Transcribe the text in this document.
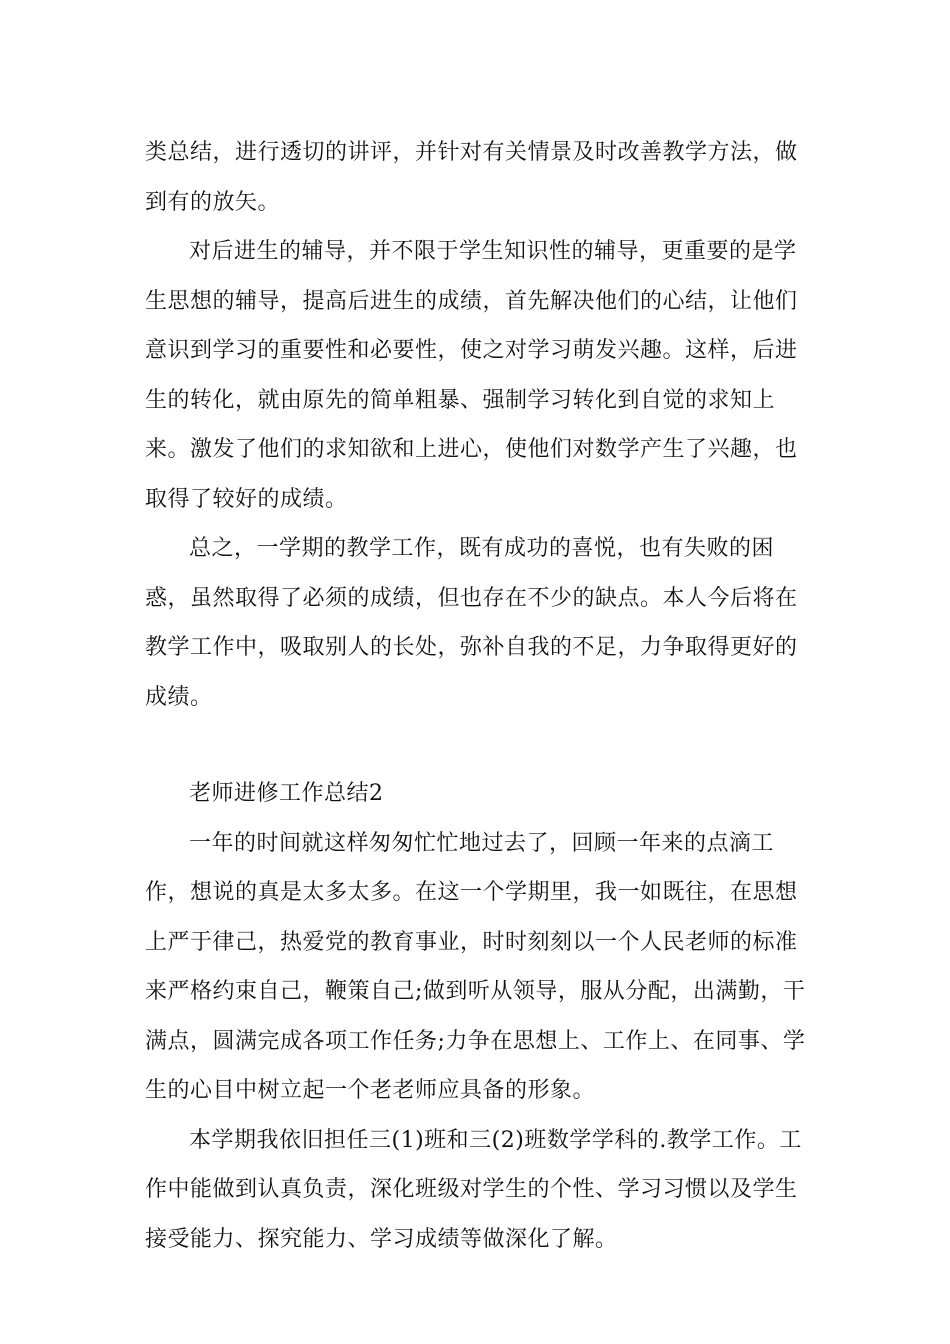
类总结，进行透切的讲评，并针对有关情景及时改善教学方法，做到有的放矢。

对后进生的辅导，并不限于学生知识性的辅导，更重要的是学生思想的辅导，提高后进生的成绩，首先解决他们的心结，让他们意识到学习的重要性和必要性，使之对学习萌发兴趣。这样，后进生的转化，就由原先的简单粗暴、强制学习转化到自觉的求知上来。激发了他们的求知欲和上进心，使他们对数学产生了兴趣，也取得了较好的成绩。

总之，一学期的教学工作，既有成功的喜悦，也有失败的困惑，虽然取得了必须的成绩，但也存在不少的缺点。本人今后将在教学工作中，吸取别人的长处，弥补自我的不足，力争取得更好的成绩。

老师进修工作总结2

一年的时间就这样匆匆忙忙地过去了，回顾一年来的点滴工作，想说的真是太多太多。在这一个学期里，我一如既往，在思想上严于律己，热爱党的教育事业，时时刻刻以一个人民老师的标准来严格约束自己，鞭策自己;做到听从领导，服从分配，出满勤，干满点，圆满完成各项工作任务;力争在思想上、工作上、在同事、学生的心目中树立起一个老老师应具备的形象。

本学期我依旧担任三(1)班和三(2)班数学学科的.教学工作。工作中能做到认真负责，深化班级对学生的个性、学习习惯以及学生接受能力、探究能力、学习成绩等做深化了解。
